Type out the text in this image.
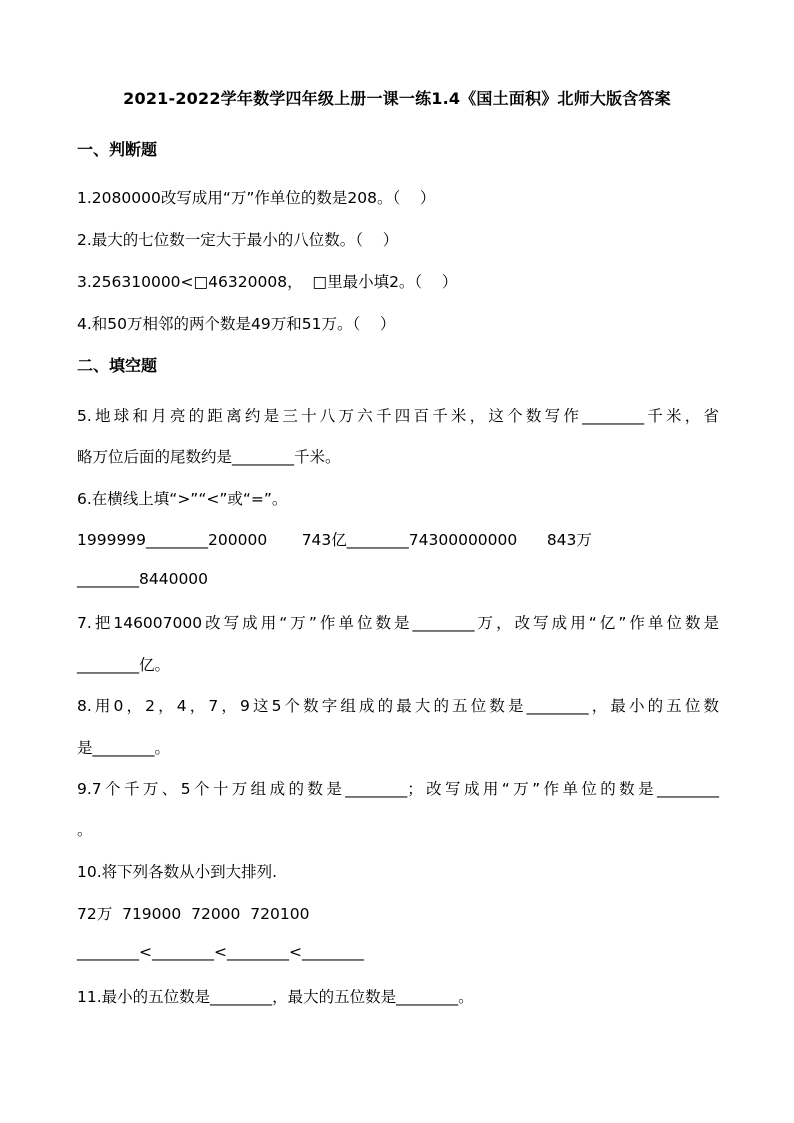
2021-2022学年数学四年级上册一课一练1.4《国土面积》北师大版含答案
一、判断题
1.2080000改写成用“万”作单位的数是208。（    ）
2.最大的七位数一定大于最小的八位数。（    ）
3.256310000<□46320008，  □里最小填2。（    ）
4.和50万相邻的两个数是49万和51万。（    ）
二、填空题
5.地球和月亮的距离约是三十八万六千四百千米，这个数写作________千米，省
略万位后面的尾数约是________千米。
6.在横线上填“>”“<”或“=”。
1999999________200000       743亿________74300000000      843万
________8440000
7.把146007000改写成用“万”作单位数是________万，改写成用“亿”作单位数是
________亿。
8.用0，2，4，7，9这5个数字组成的最大的五位数是________，最小的五位数
是________。
9.7个千万、5个十万组成的数是________；改写成用“万”作单位的数是________
。
10.将下列各数从小到大排列.
72万  719000  72000  720100
________<________<________<________
11.最小的五位数是________，最大的五位数是________。
